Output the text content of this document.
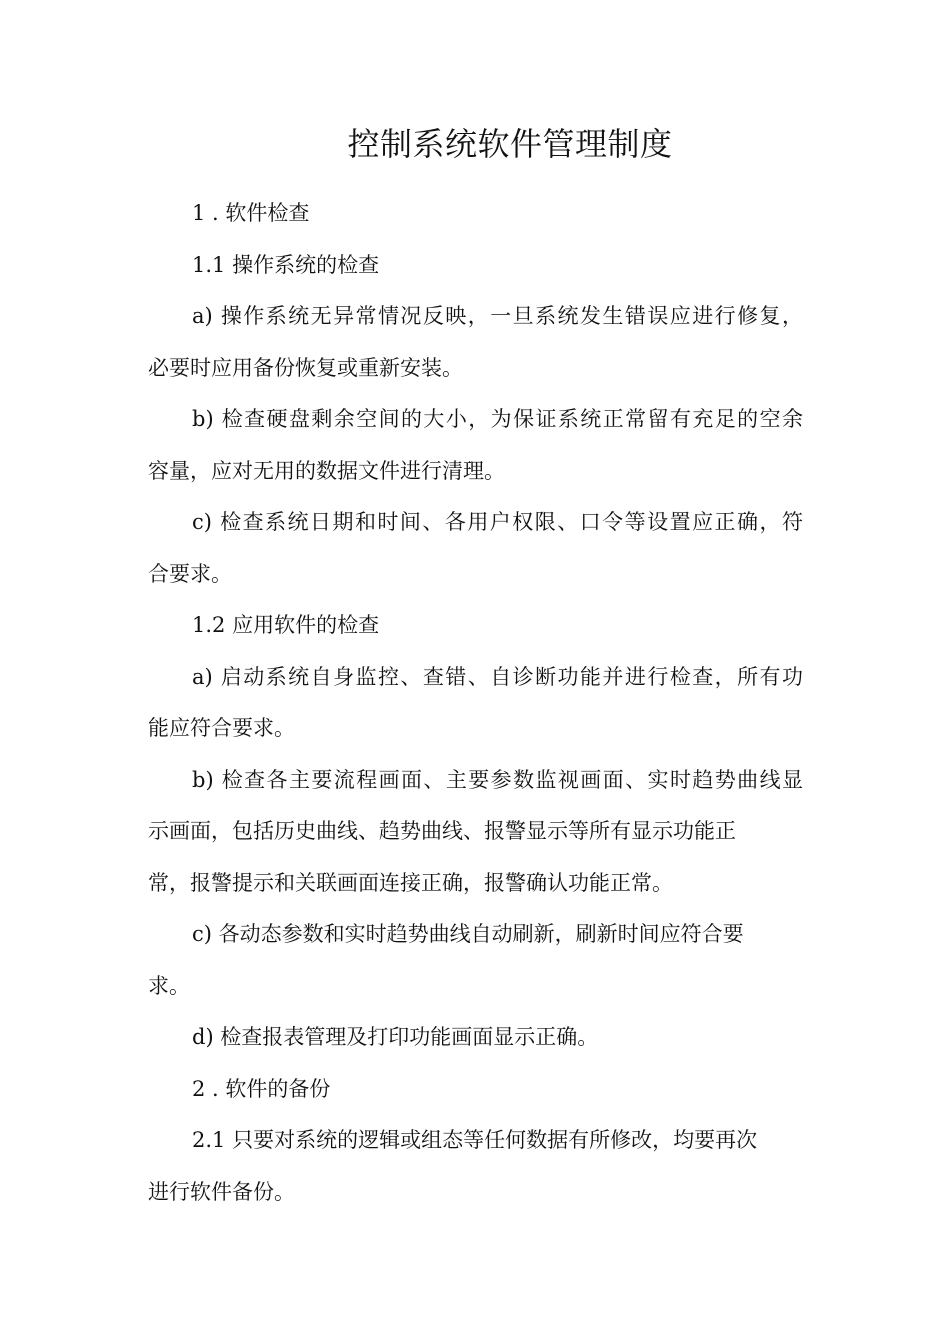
控制系统软件管理制度
1 . 软件检查
1.1 操作系统的检查
a) 操作系统无异常情况反映，一旦系统发生错误应进行修复，
必要时应用备份恢复或重新安装。
b) 检查硬盘剩余空间的大小，为保证系统正常留有充足的空余
容量，应对无用的数据文件进行清理。
c) 检查系统日期和时间、各用户权限、口令等设置应正确，符
合要求。
1.2 应用软件的检查
a) 启动系统自身监控、查错、自诊断功能并进行检查，所有功
能应符合要求。
b) 检查各主要流程画面、主要参数监视画面、实时趋势曲线显
示画面，包括历史曲线、趋势曲线、报警显示等所有显示功能正
常，报警提示和关联画面连接正确，报警确认功能正常。
c) 各动态参数和实时趋势曲线自动刷新，刷新时间应符合要
求。
d) 检查报表管理及打印功能画面显示正确。
2 . 软件的备份
2.1 只要对系统的逻辑或组态等任何数据有所修改，均要再次
进行软件备份。
